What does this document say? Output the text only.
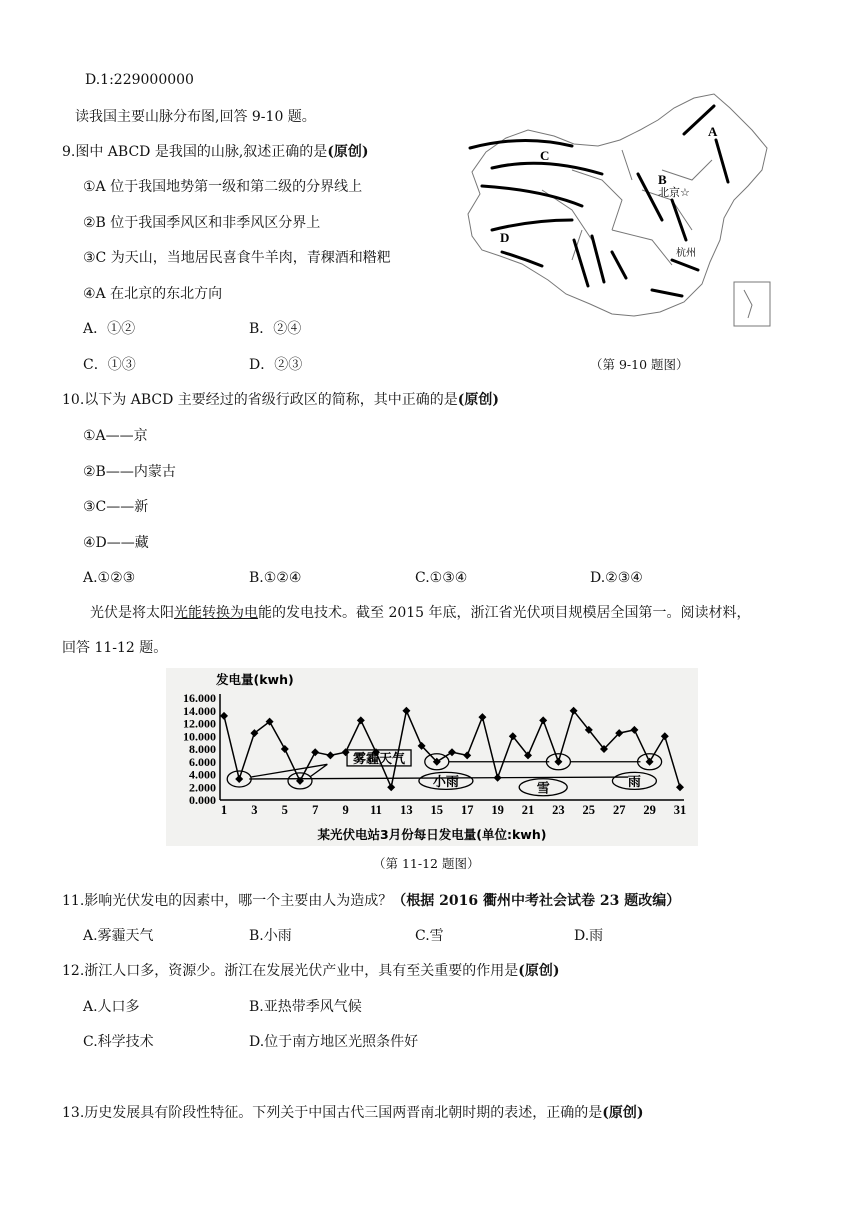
D.1:229000000
读我国主要山脉分布图,回答 9-10 题。
9.图中 ABCD 是我国的山脉,叙述正确的是(原创)
①A 位于我国地势第一级和第二级的分界线上
②B 位于我国季风区和非季风区分界上
③C 为天山，当地居民喜食牛羊肉，青稞酒和糌粑
④A 在北京的东北方向
A．①②	B．②④
C．①③	D．②③
A
B
C
D
北京☆
杭州
（第 9-10 题图）
10.以下为 ABCD 主要经过的省级行政区的简称，其中正确的是(原创)
①A——京
②B——内蒙古
③C——新
④D——藏
A.①②③	B.①②④	C.①③④	D.②③④
光伏是将太阳光能转换为电能的发电技术。截至 2015 年底，浙江省光伏项目规模居全国第一。阅读材料，
回答 11-12 题。
发电量(kwh)
16.000
14.000
12.000
10.000
8.000
6.000
4.000
2.000
0.000
1 3 5 7 9 11 13 15 17 19 21 23 25 27 29 31
雾霾天气
小雨	雪	雨
某光伏电站3月份每日发电量(单位:kwh)
（第 11-12 题图）
11.影响光伏发电的因素中，哪一个主要由人为造成？（根据 2016 衢州中考社会试卷 23 题改编）
A.雾霾天气	B.小雨	C.雪	D.雨
12.浙江人口多，资源少。浙江在发展光伏产业中，具有至关重要的作用是(原创)
A.人口多	B.亚热带季风气候
C.科学技术	D.位于南方地区光照条件好
13.历史发展具有阶段性特征。下列关于中国古代三国两晋南北朝时期的表述，正确的是(原创)
